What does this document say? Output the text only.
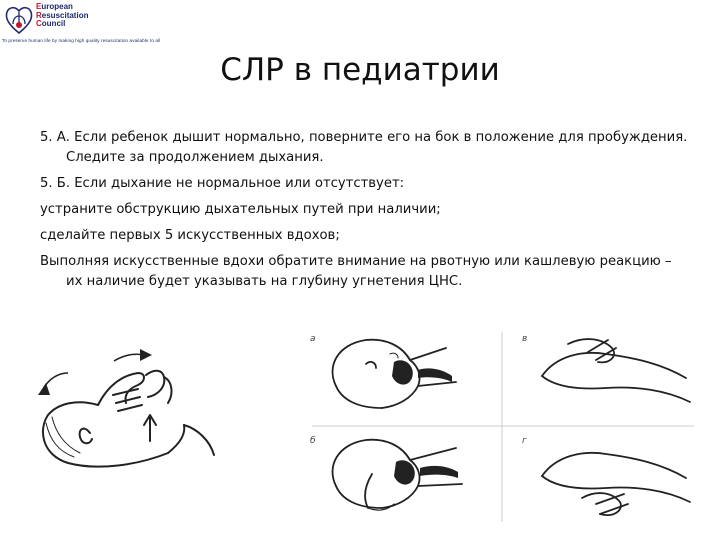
European
Resuscitation
Council
To preserve human life by making high quality resuscitation available to all
СЛР в педиатрии

5. А. Если ребенок дышит нормально, поверните его на бок в положение для пробуждения. Следите за продолжением дыхания.

5. Б. Если дыхание не нормальное или отсутствует:

устраните обструкцию дыхательных путей при наличии;

сделайте первых 5 искусственных вдохов;

Выполняя искусственные вдохи обратите внимание на рвотную или кашлевую реакцию – их наличие будет указывать на глубину угнетения ЦНС.

а	в
б	г
